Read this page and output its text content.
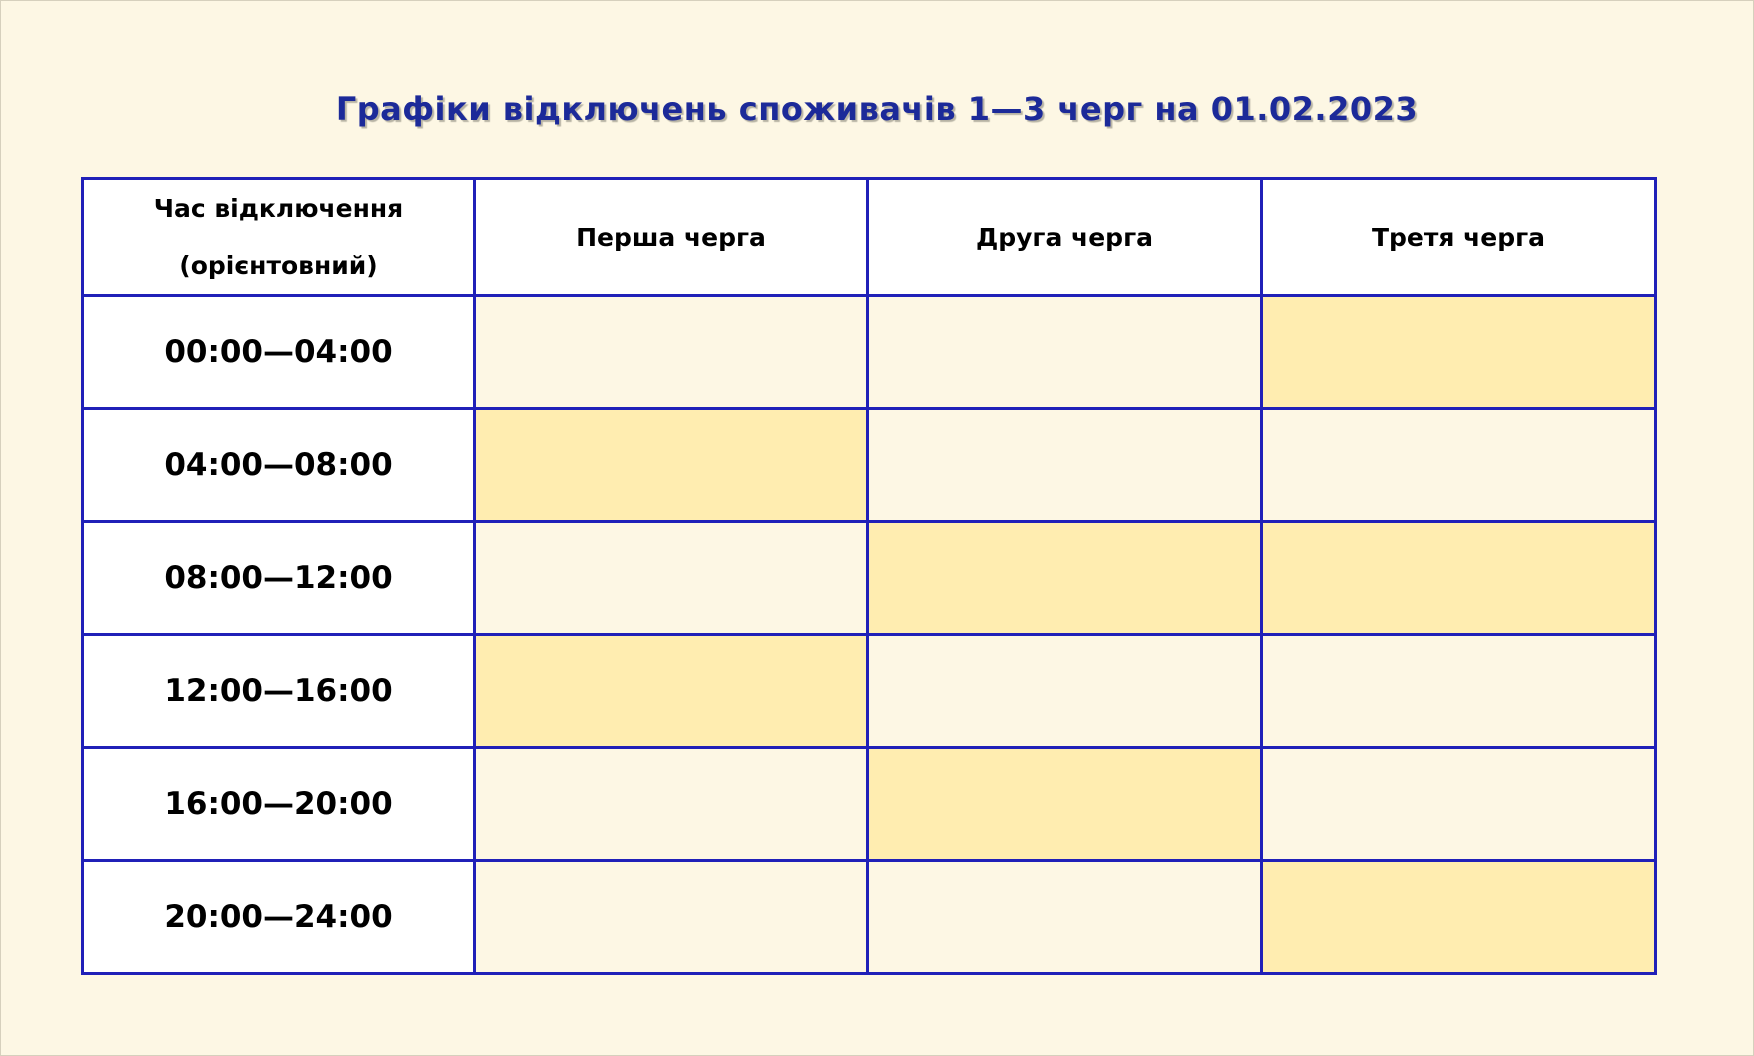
Графіки відключень споживачів 1—3 черг на 01.02.2023
Час відключення
(орієнтовний)	Перша черга	Друга черга	Третя черга
00:00—04:00			
04:00—08:00			
08:00—12:00			
12:00—16:00			
16:00—20:00			
20:00—24:00			
